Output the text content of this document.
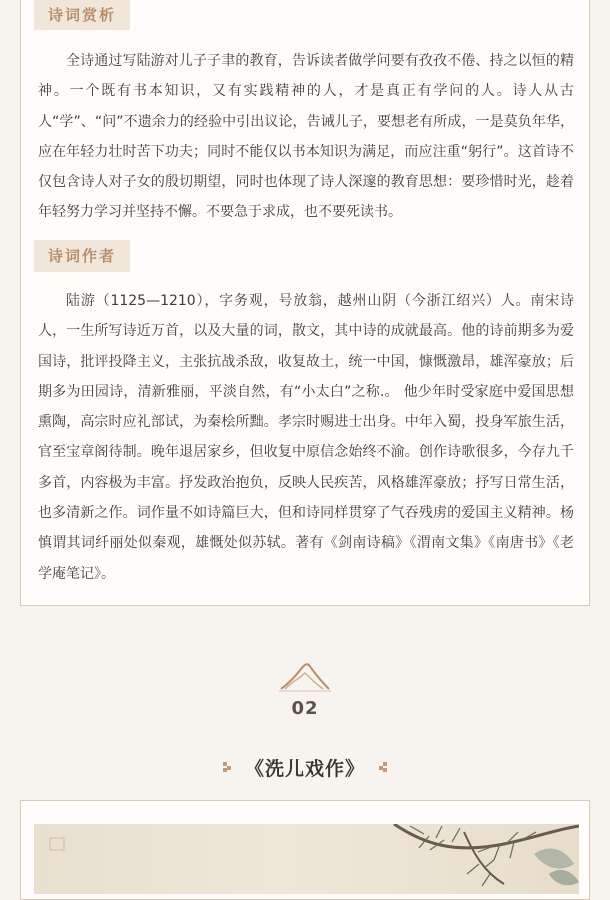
诗词赏析

全诗通过写陆游对儿子子聿的教育，告诉读者做学问要有孜孜不倦、持之以恒的精神。一个既有书本知识，又有实践精神的人，才是真正有学问的人。诗人从古人“学”、“问”不遗余力的经验中引出议论，告诫儿子，要想老有所成，一是莫负年华，应在年轻力壮时苦下功夫；同时不能仅以书本知识为满足，而应注重“躬行”。这首诗不仅包含诗人对子女的殷切期望，同时也体现了诗人深邃的教育思想：要珍惜时光，趁着年轻努力学习并坚持不懈。不要急于求成，也不要死读书。

诗词作者

陆游（1125—1210），字务观，号放翁，越州山阴（今浙江绍兴）人。南宋诗人，一生所写诗近万首，以及大量的词，散文，其中诗的成就最高。他的诗前期多为爱国诗，批评投降主义，主张抗战杀敌，收复故土，统一中国，慷慨激昂，雄浑豪放；后期多为田园诗，清新雅丽，平淡自然，有“小太白”之称.。 他少年时受家庭中爱国思想熏陶，高宗时应礼部试，为秦桧所黜。孝宗时赐进士出身。中年入蜀，投身军旅生活，官至宝章阁待制。晚年退居家乡，但收复中原信念始终不渝。创作诗歌很多，今存九千多首，内容极为丰富。抒发政治抱负，反映人民疾苦，风格雄浑豪放；抒写日常生活，也多清新之作。词作量不如诗篇巨大，但和诗同样贯穿了气吞残虏的爱国主义精神。杨慎谓其词纤丽处似秦观，雄慨处似苏轼。著有《剑南诗稿》《渭南文集》《南唐书》《老学庵笔记》。

02
《洗儿戏作》
